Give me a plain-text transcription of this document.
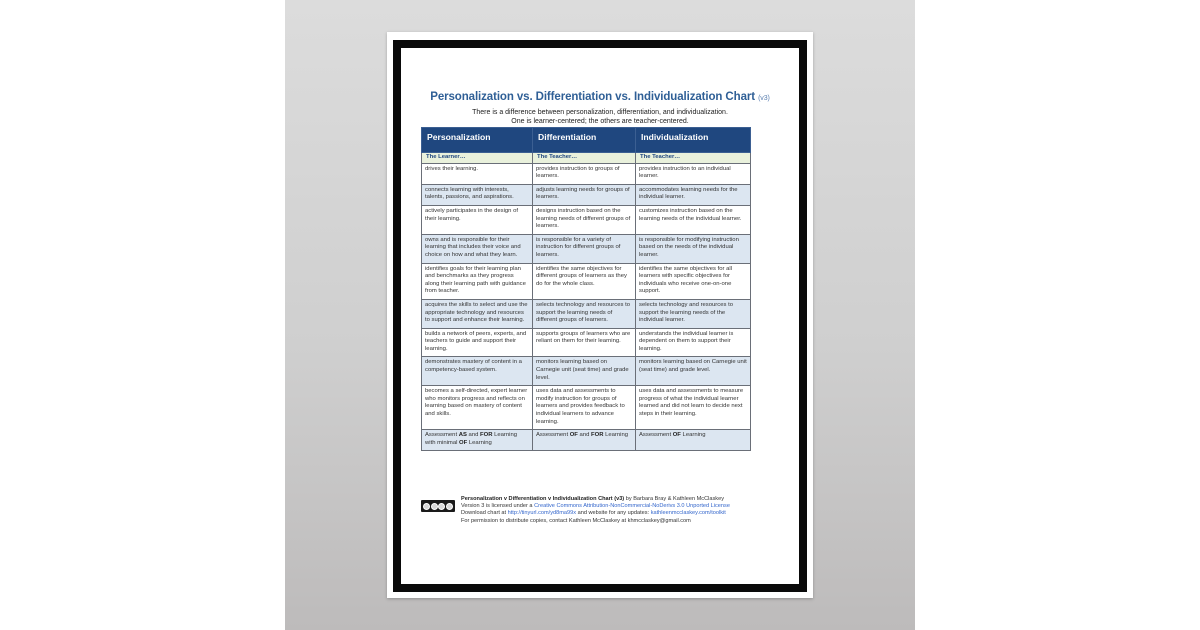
Personalization vs. Differentiation vs. Individualization Chart (v3)
There is a difference between personalization, differentiation, and individualization.
One is learner-centered; the others are teacher-centered.
Personalization	Differentiation	Individualization
The Learner…	The Teacher…	The Teacher…
drives their learning.	provides instruction to groups of learners.	provides instruction to an individual learner.
connects learning with interests, talents, passions, and aspirations.	adjusts learning needs for groups of learners.	accommodates learning needs for the individual learner.
actively participates in the design of their learning.	designs instruction based on the learning needs of different groups of learners.	customizes instruction based on the learning needs of the individual learner.
owns and is responsible for their learning that includes their voice and choice on how and what they learn.	is responsible for a variety of instruction for different groups of learners.	is responsible for modifying instruction based on the needs of the individual learner.
identifies goals for their learning plan and benchmarks as they progress along their learning path with guidance from teacher.	identifies the same objectives for different groups of learners as they do for the whole class.	identifies the same objectives for all learners with specific objectives for individuals who receive one-on-one support.
acquires the skills to select and use the appropriate technology and resources to support and enhance their learning.	selects technology and resources to support the learning needs of different groups of learners.	selects technology and resources to support the learning needs of the individual learner.
builds a network of peers, experts, and teachers to guide and support their learning.	supports groups of learners who are reliant on them for their learning.	understands the individual learner is dependent on them to support their learning.
demonstrates mastery of content in a competency-based system.	monitors learning based on Carnegie unit (seat time) and grade level.	monitors learning based on Carnegie unit (seat time) and grade level.
becomes a self-directed, expert learner who monitors progress and reflects on learning based on mastery of content and skills.	uses data and assessments to modify instruction for groups of learners and provides feedback to individual learners to advance learning.	uses data and assessments to measure progress of what the individual learner learned and did not learn to decide next steps in their learning.
Assessment AS and FOR Learning with minimal OF Learning	Assessment OF and FOR Learning	Assessment OF Learning
Personalization v Differentiation v Individualization Chart (v3) by Barbara Bray & Kathleen McClaskey
Version 3 is licensed under a Creative Commons Attribution-NonCommercial-NoDerivs 3.0 Unported License
Download chart at http://tinyurl.com/yd8ma99x and website for any updates: kathleenmcclaskey.com/toolkit
For permission to distribute copies, contact Kathleen McClaskey at khmcclaskey@gmail.com
